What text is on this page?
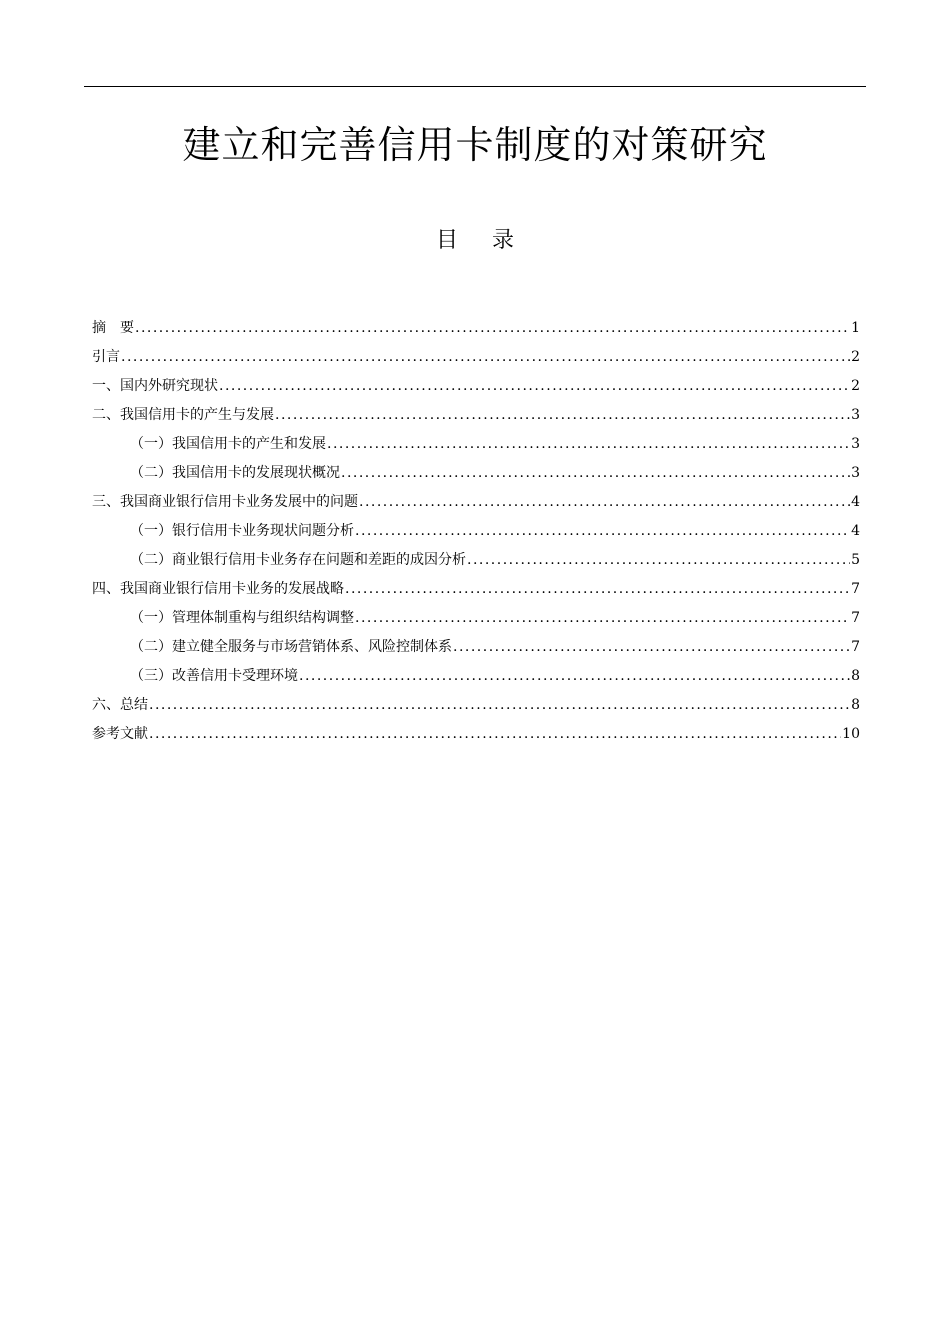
建立和完善信用卡制度的对策研究
目录
摘　要 .....	1
引言 .....	2
一、国内外研究现状 .....	2
二、我国信用卡的产生与发展 .....	3
（一）我国信用卡的产生和发展 .....	3
（二）我国信用卡的发展现状概况 .....	3
三、我国商业银行信用卡业务发展中的问题 .....	4
（一）银行信用卡业务现状问题分析 .....	4
（二）商业银行信用卡业务存在问题和差距的成因分析 .....	5
四、我国商业银行信用卡业务的发展战略 .....	7
（一）管理体制重构与组织结构调整 .....	7
（二）建立健全服务与市场营销体系、风险控制体系 .....	7
（三）改善信用卡受理环境 .....	8
六、总结 .....	8
参考文献 .....	10
